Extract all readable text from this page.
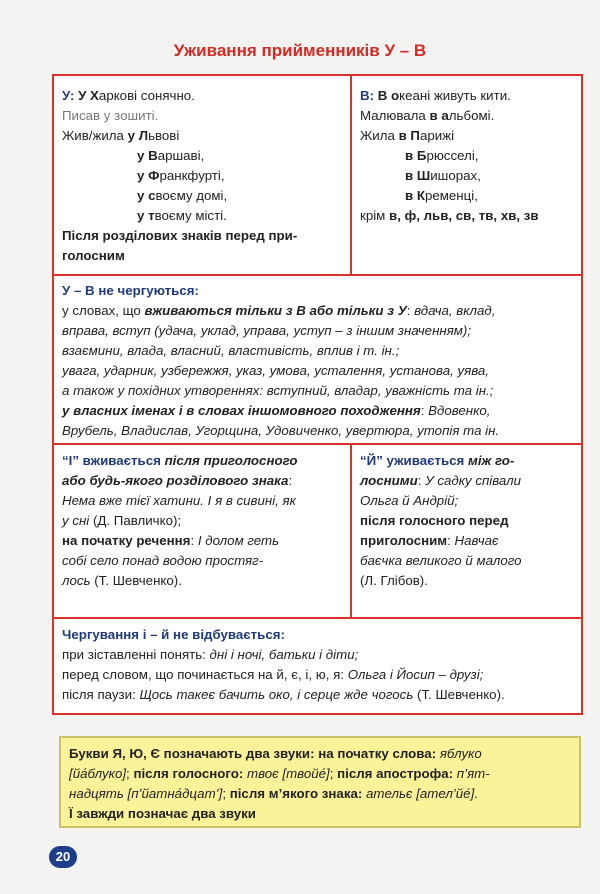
Уживання прийменників У – В
У: У Харкові сонячно.
Писав у зошиті.
Жив/жила у Львові
у Варшаві,
у Франкфурті,
у своєму домі,
у твоєму місті.
Після розділових знаків перед при-
голосним
В: В океані живуть кити.
Малювала в альбомі.
Жила в Парижі
в Брюсселі,
в Шишорах,
в Кременці,
крім в, ф, льв, св, тв, хв, зв
У – В не чергуються:
у словах, що вживаються тільки з В або тільки з У: вдача, вклад,
вправа, вступ (удача, уклад, управа, уступ – з іншим значенням);
взаємини, влада, власний, властивість, вплив і т. ін.;
увага, ударник, узбережжя, указ, умова, усталення, установа, уява,
а також у похідних утвореннях: вступний, владар, уважність та ін.;
у власних іменах і в словах іншомовного походження: Вдовенко,
Врубель, Владислав, Угорщина, Удовиченко, увертюра, утопія та ін.
“І” вживається після приголосного
або будь-якого розділового знака:
Нема вже тієї хатини. І я в сивині, як
у сні (Д. Павличко);
на початку речення: І долом геть
собі село понад водою простяг-
лось (Т. Шевченко).
“Й” уживається між го-
лосними: У садку співали
Ольга й Андрій;
після голосного перед
приголосним: Навчає
баєчка великого й малого
(Л. Глібов).
Чергування і – й не відбувається:
при зіставленні понять: дні і ночі, батьки і діти;
перед словом, що починається на й, є, і, ю, я: Ольга і Йосип – друзі;
після паузи: Щось такеє бачить око, і серце жде чогось (Т. Шевченко).
Букви Я, Ю, Є позначають два звуки: на початку слова: яблуко
[йа́блуко]; після голосного: твоє [твойе́]; після апострофа: п’ят-
надцять [п’йатна́дцат’]; після м’якого знака: ательє [ател’йе́].
Ї завжди позначає два звуки
20
